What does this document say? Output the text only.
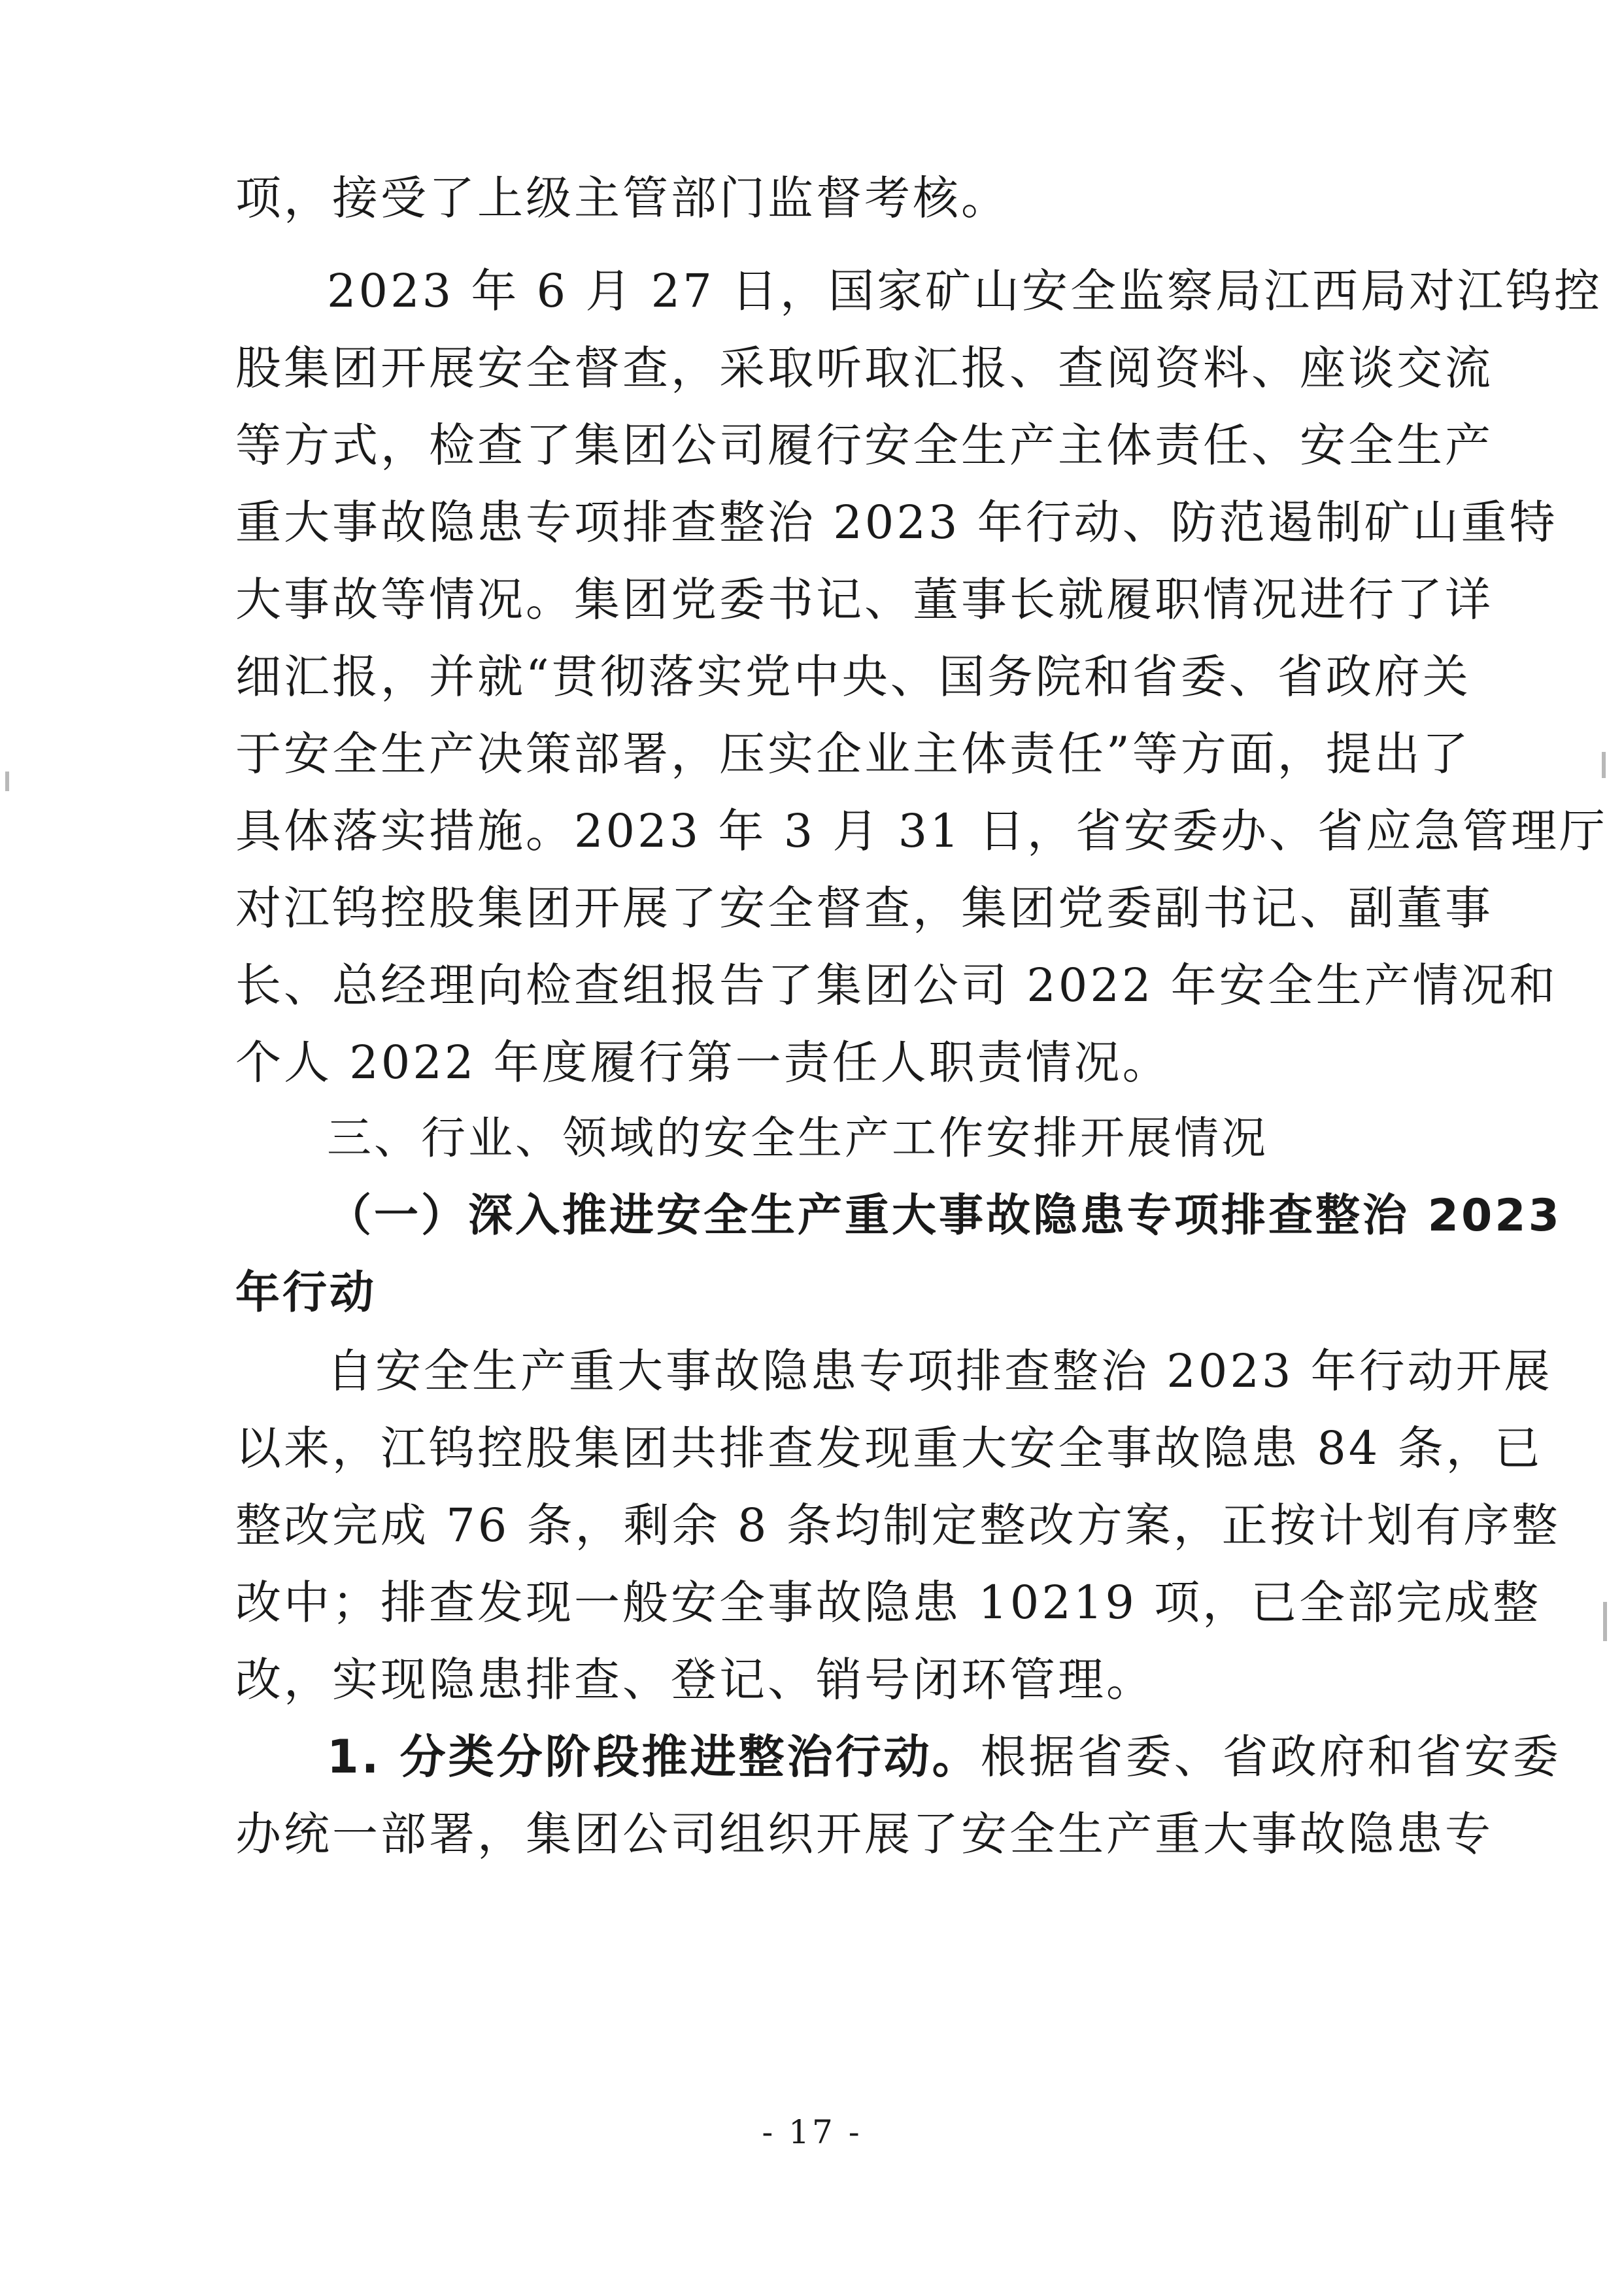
项，接受了上级主管部门监督考核。
2023 年 6 月 27 日，国家矿山安全监察局江西局对江钨控
股集团开展安全督查，采取听取汇报、查阅资料、座谈交流
等方式，检查了集团公司履行安全生产主体责任、安全生产
重大事故隐患专项排查整治 2023 年行动、防范遏制矿山重特
大事故等情况。集团党委书记、董事长就履职情况进行了详
细汇报，并就“贯彻落实党中央、国务院和省委、省政府关
于安全生产决策部署，压实企业主体责任”等方面，提出了
具体落实措施。2023 年 3 月 31 日，省安委办、省应急管理厅
对江钨控股集团开展了安全督查，集团党委副书记、副董事
长、总经理向检查组报告了集团公司 2022 年安全生产情况和
个人 2022 年度履行第一责任人职责情况。
三、行业、领域的安全生产工作安排开展情况
（一）深入推进安全生产重大事故隐患专项排查整治 2023
年行动
自安全生产重大事故隐患专项排查整治 2023 年行动开展
以来，江钨控股集团共排查发现重大安全事故隐患 84 条，已
整改完成 76 条，剩余 8 条均制定整改方案，正按计划有序整
改中；排查发现一般安全事故隐患 10219 项，已全部完成整
改，实现隐患排查、登记、销号闭环管理。
1. 分类分阶段推进整治行动。根据省委、省政府和省安委
办统一部署，集团公司组织开展了安全生产重大事故隐患专
- 17 -
